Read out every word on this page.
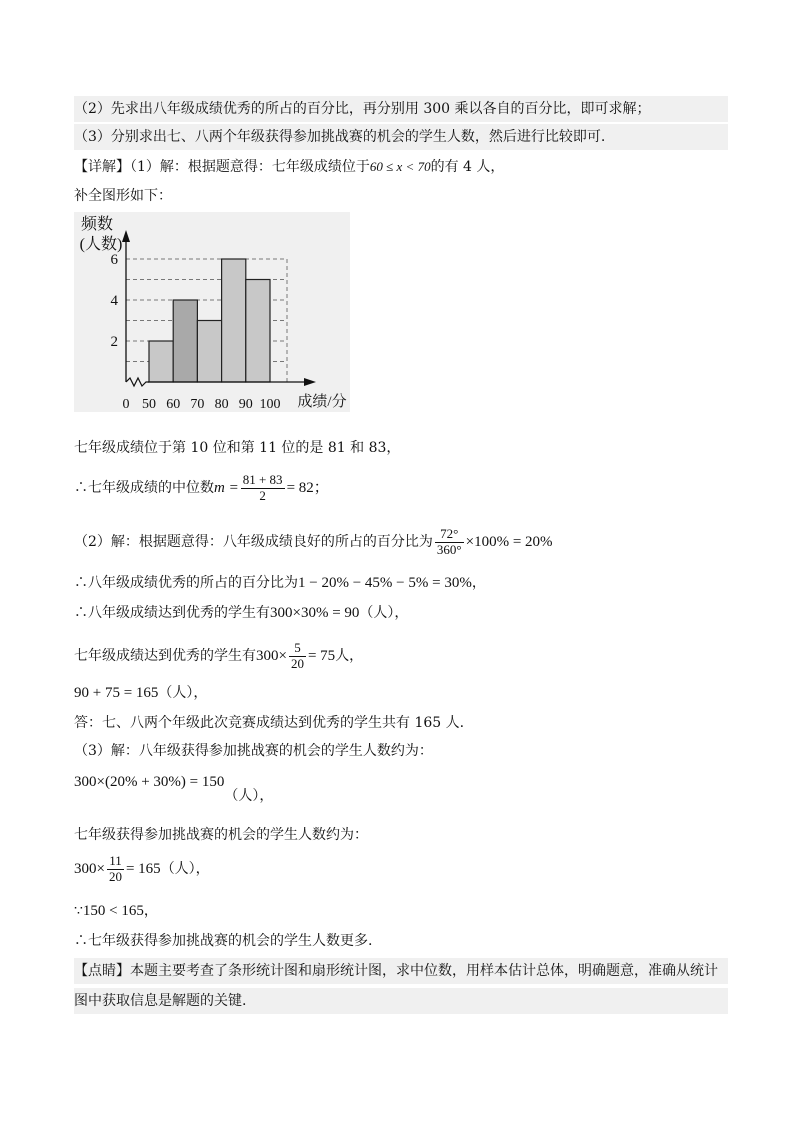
（2）先求出八年级成绩优秀的所占的百分比，再分别用 300 乘以各自的百分比，即可求解；
（3）分别求出七、八两个年级获得参加挑战赛的机会的学生人数，然后进行比较即可.
【详解】（1）解：根据题意得：七年级成绩位于60 ≤ x < 70的有 4 人，
补全图形如下：
2
4
6
0 50 60 70 80 90 100
频数
(人数)
成绩/分
七年级成绩位于第 10 位和第 11 位的是 81 和 83，
∴七年级成绩的中位数$m = \frac{81 + 83}{2} = 82$；
（2）解：根据题意得：八年级成绩良好的所占的百分比为 $\frac{72^\circ}{360^\circ} \times 100\% = 20\%$
∴八年级成绩优秀的所占的百分比为1 − 20% − 45% − 5% = 30%，
∴八年级成绩达到优秀的学生有300×30% = 90（人），
七年级成绩达到优秀的学生有$300\times \frac{5}{20} = 75$人，
90 + 75 = 165（人），
答：七、八两个年级此次竞赛成绩达到优秀的学生共有 165 人.
（3）解：八年级获得参加挑战赛的机会的学生人数约为：
300×(20% + 30%) = 150（人），
七年级获得参加挑战赛的机会的学生人数约为：
$300\times \frac{11}{20} = 165$（人），
∵150 < 165，
∴七年级获得参加挑战赛的机会的学生人数更多.
【点睛】本题主要考查了条形统计图和扇形统计图，求中位数，用样本估计总体，明确题意，准确从统计
图中获取信息是解题的关键.
